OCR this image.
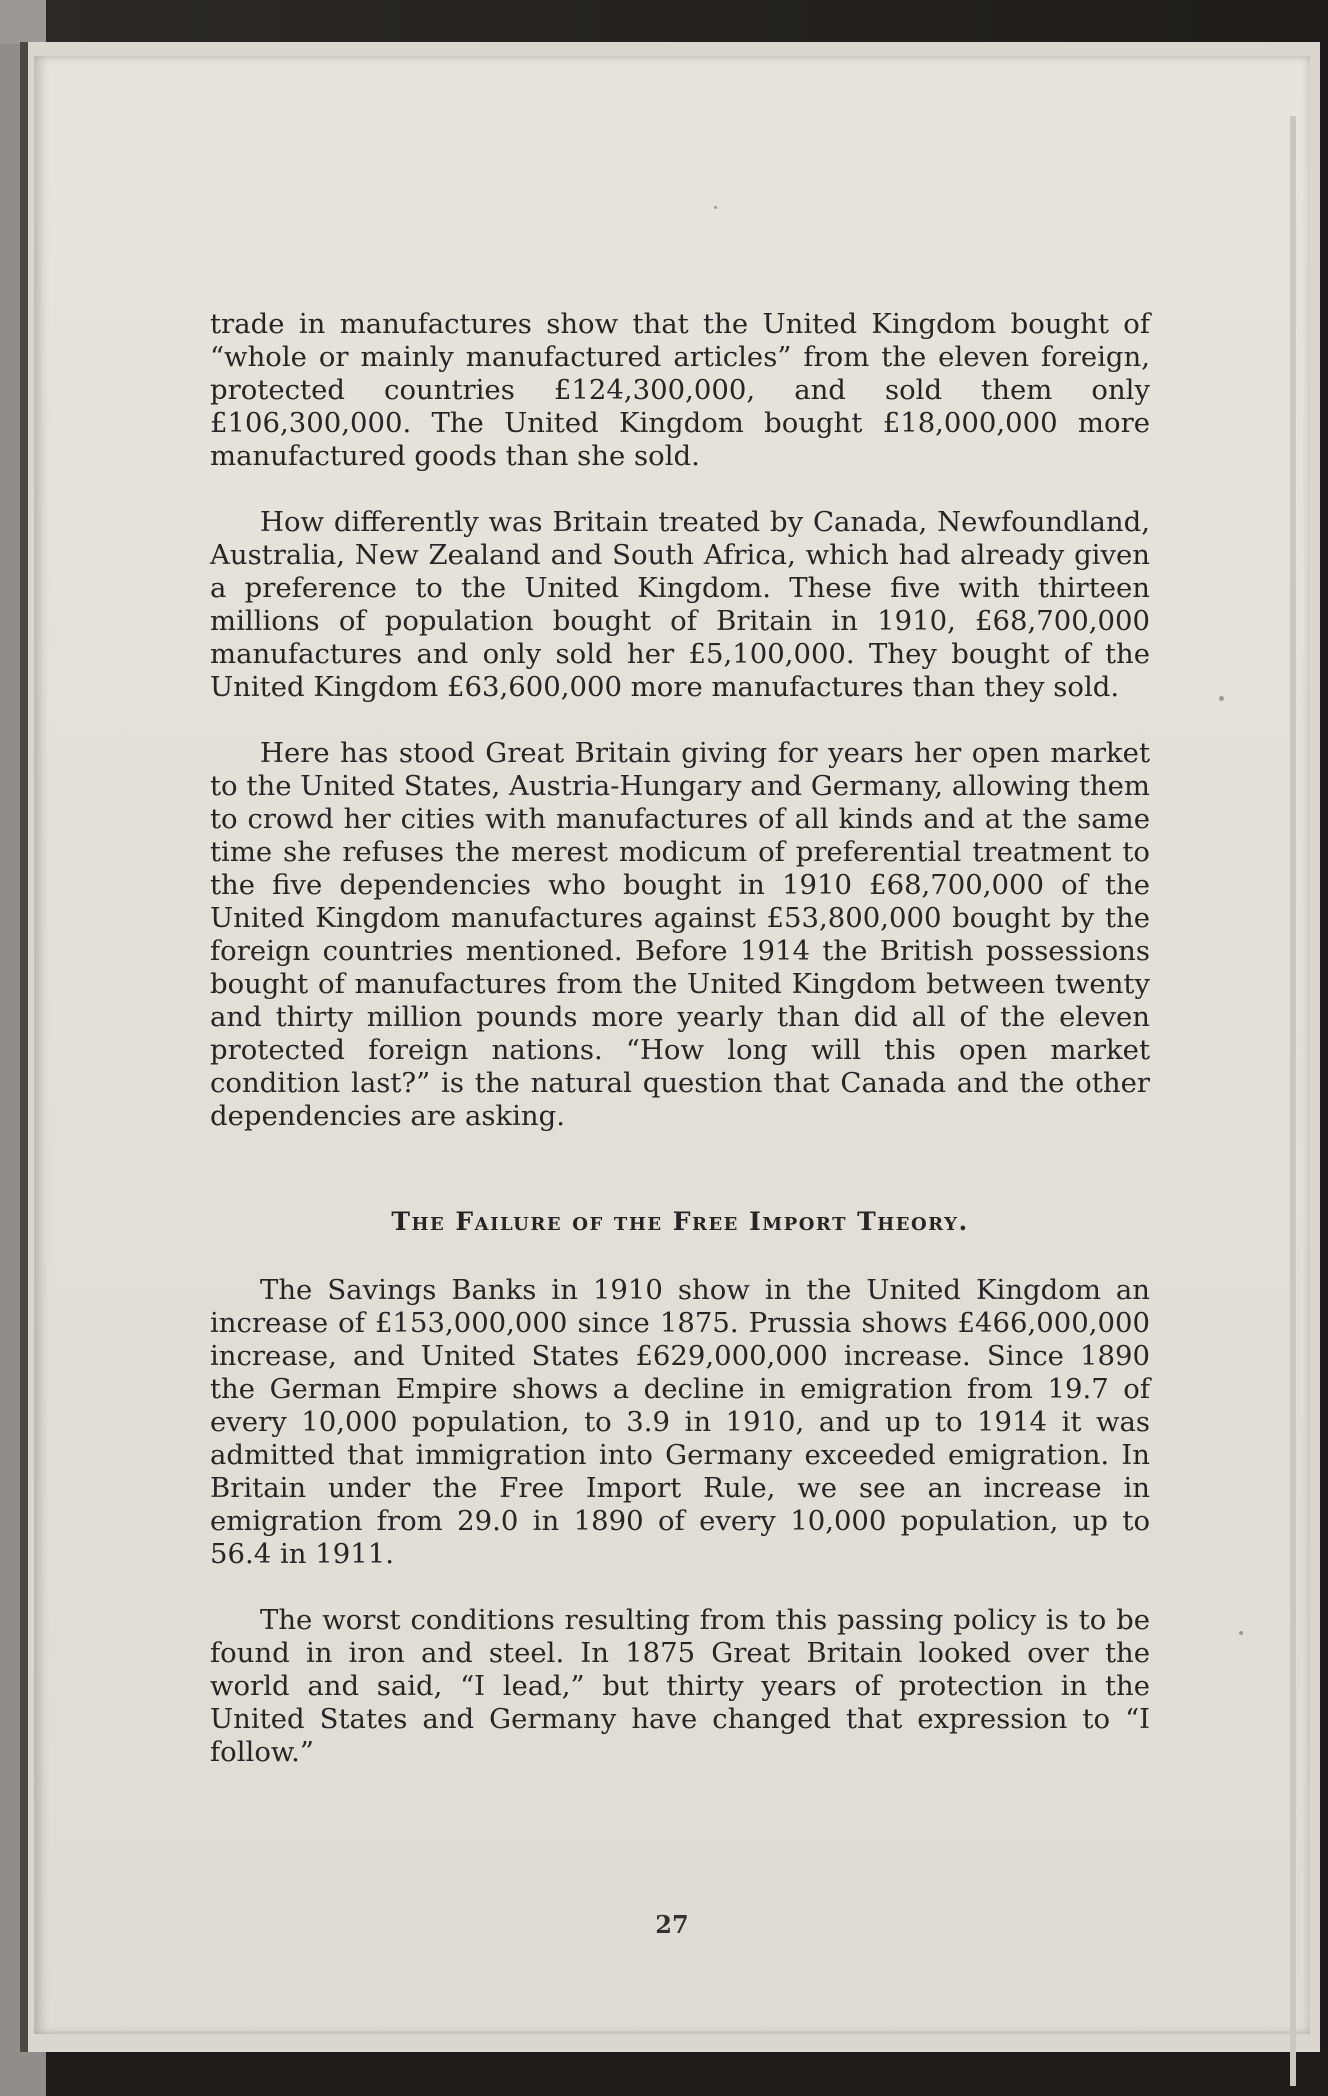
trade in manufactures show that the United Kingdom bought of “whole or mainly manufactured articles” from the eleven foreign, protected countries £124,300,000, and sold them only £106,300,000. The United Kingdom bought £18,000,000 more manufactured goods than she sold.

How differently was Britain treated by Canada, Newfoundland, Australia, New Zealand and South Africa, which had already given a preference to the United Kingdom. These five with thirteen millions of population bought of Britain in 1910, £68,700,000 manufactures and only sold her £5,100,000. They bought of the United Kingdom £63,600,000 more manufactures than they sold.

Here has stood Great Britain giving for years her open market to the United States, Austria-Hungary and Germany, allowing them to crowd her cities with manufactures of all kinds and at the same time she refuses the merest modicum of preferential treatment to the five dependencies who bought in 1910 £68,700,000 of the United Kingdom manufactures against £53,800,000 bought by the foreign countries mentioned. Before 1914 the British possessions bought of manufactures from the United Kingdom between twenty and thirty million pounds more yearly than did all of the eleven protected foreign nations. “How long will this open market condition last?” is the natural question that Canada and the other dependencies are asking.

The Failure of the Free Import Theory.

The Savings Banks in 1910 show in the United Kingdom an increase of £153,000,000 since 1875. Prussia shows £466,000,000 increase, and United States £629,000,000 increase. Since 1890 the German Empire shows a decline in emigration from 19.7 of every 10,000 population, to 3.9 in 1910, and up to 1914 it was admitted that immigration into Germany exceeded emigration. In Britain under the Free Import Rule, we see an increase in emigration from 29.0 in 1890 of every 10,000 population, up to 56.4 in 1911.

The worst conditions resulting from this passing policy is to be found in iron and steel. In 1875 Great Britain looked over the world and said, “I lead,” but thirty years of protection in the United States and Germany have changed that expression to “I follow.”

27
